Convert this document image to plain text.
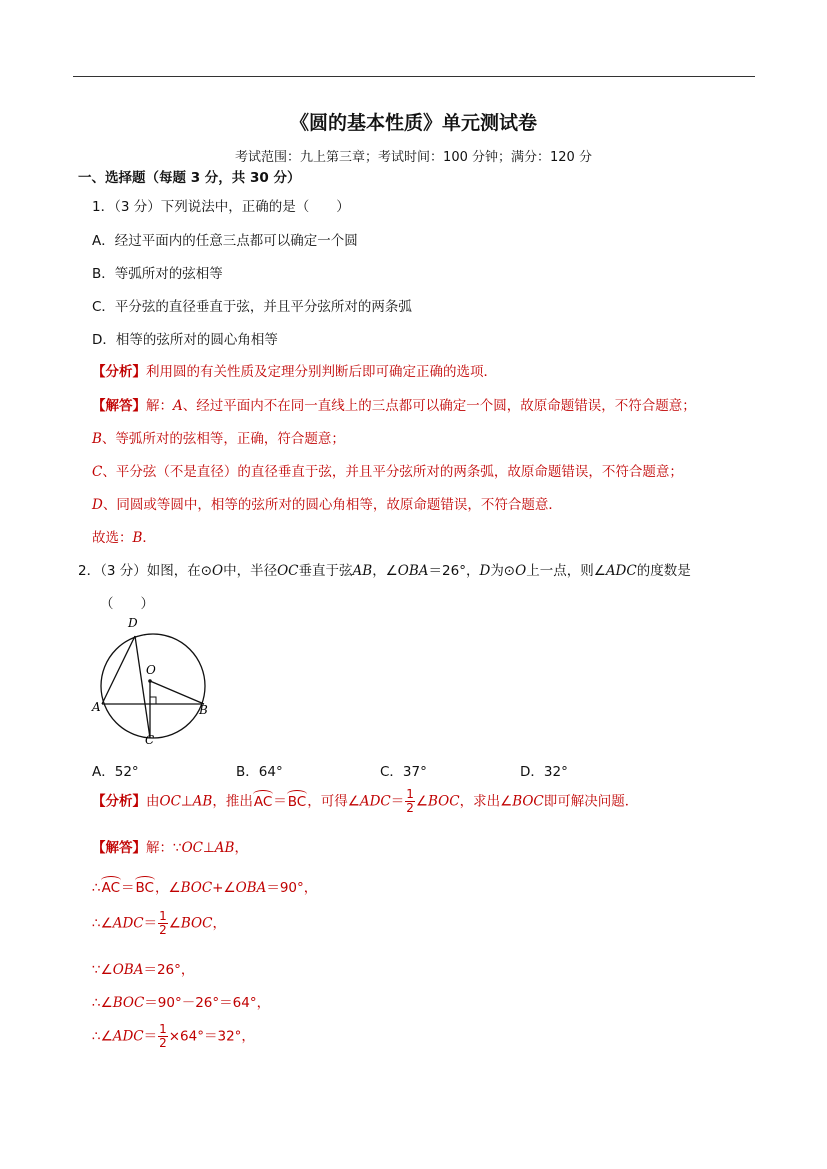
《圆的基本性质》单元测试卷
考试范围：九上第三章；考试时间：100 分钟；满分：120 分
一、选择题（每题 3 分，共 30 分）
1．（3 分）下列说法中，正确的是（　　）
A．经过平面内的任意三点都可以确定一个圆
B．等弧所对的弦相等
C．平分弦的直径垂直于弦，并且平分弦所对的两条弧
D．相等的弦所对的圆心角相等
【分析】利用圆的有关性质及定理分别判断后即可确定正确的选项．
【解答】解：A、经过平面内不在同一直线上的三点都可以确定一个圆，故原命题错误，不符合题意；
B、等弧所对的弦相等，正确，符合题意；
C、平分弦（不是直径）的直径垂直于弦，并且平分弦所对的两条弧，故原命题错误，不符合题意；
D、同圆或等圆中，相等的弦所对的圆心角相等，故原命题错误，不符合题意．
故选：B．
2．（3 分）如图，在⊙O中，半径OC垂直于弦AB，∠OBA＝26°，D为⊙O上一点，则∠ADC的度数是
（　　）
D
O
A	B
C
A．52°	B．64°	C．37°	D．32°
【分析】由OC⊥AB，推出AC＝BC，可得∠ADC＝ $\frac{1}{2}$ ∠BOC，求出∠BOC即可解决问题．
【解答】解：∵OC⊥AB，
∴AC＝BC，∠BOC+∠OBA＝90°，
∴∠ADC＝ $\frac{1}{2}$ ∠BOC，
∵∠OBA＝26°，
∴∠BOC＝90°－26°＝64°，
∴∠ADC＝ $\frac{1}{2} \times 64^\circ=32^\circ$，
